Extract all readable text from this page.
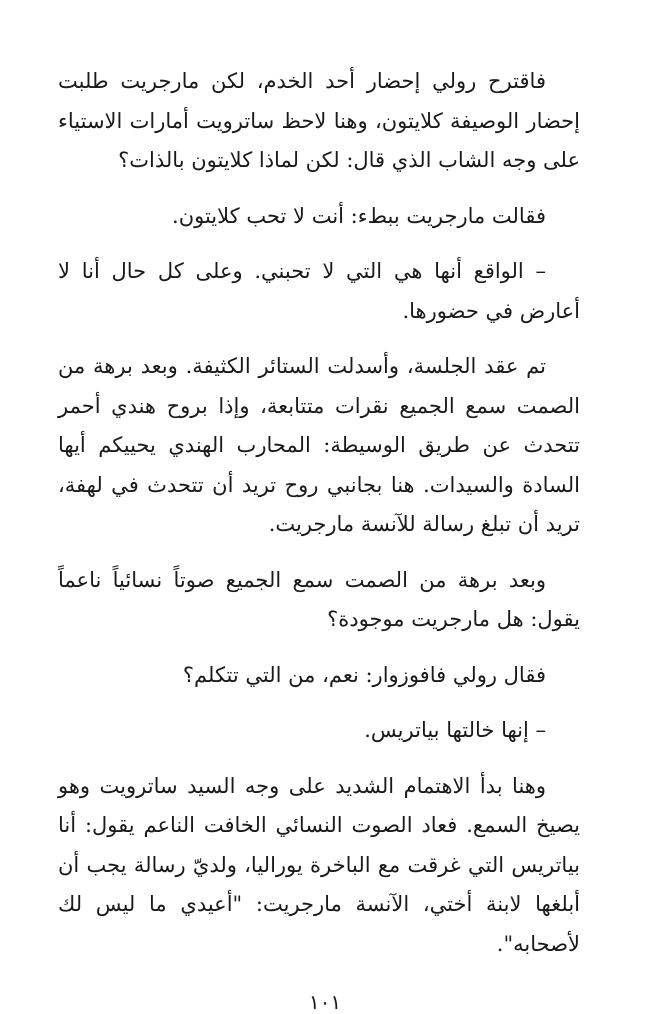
فاقترح رولي إحضار أحد الخدم، لكن مارجريت طلبت إحضار الوصيفة كلايتون، وهنا لاحظ ساترويت أمارات الاستياء على وجه الشاب الذي قال: لكن لماذا كلايتون بالذات؟

فقالت مارجريت ببطء: أنت لا تحب كلايتون.

– الواقع أنها هي التي لا تحبني. وعلى كل حال أنا لا أعارض في حضورها.

تم عقد الجلسة، وأسدلت الستائر الكثيفة. وبعد برهة من الصمت سمع الجميع نقرات متتابعة، وإذا بروح هندي أحمر تتحدث عن طريق الوسيطة: المحارب الهندي يحييكم أيها السادة والسيدات. هنا بجانبي روح تريد أن تتحدث في لهفة، تريد أن تبلغ رسالة للآنسة مارجريت.

وبعد برهة من الصمت سمع الجميع صوتاً نسائياً ناعماً يقول: هل مارجريت موجودة؟

فقال رولي فافوزوار: نعم، من التي تتكلم؟

– إنها خالتها بياتريس.

وهنا بدأ الاهتمام الشديد على وجه السيد ساترويت وهو يصيخ السمع. فعاد الصوت النسائي الخافت الناعم يقول: أنا بياتريس التي غرقت مع الباخرة يوراليا، ولديّ رسالة يجب أن أبلغها لابنة أختي، الآنسة مارجريت: "أعيدي ما ليس لك لأصحابه".

١٠١
